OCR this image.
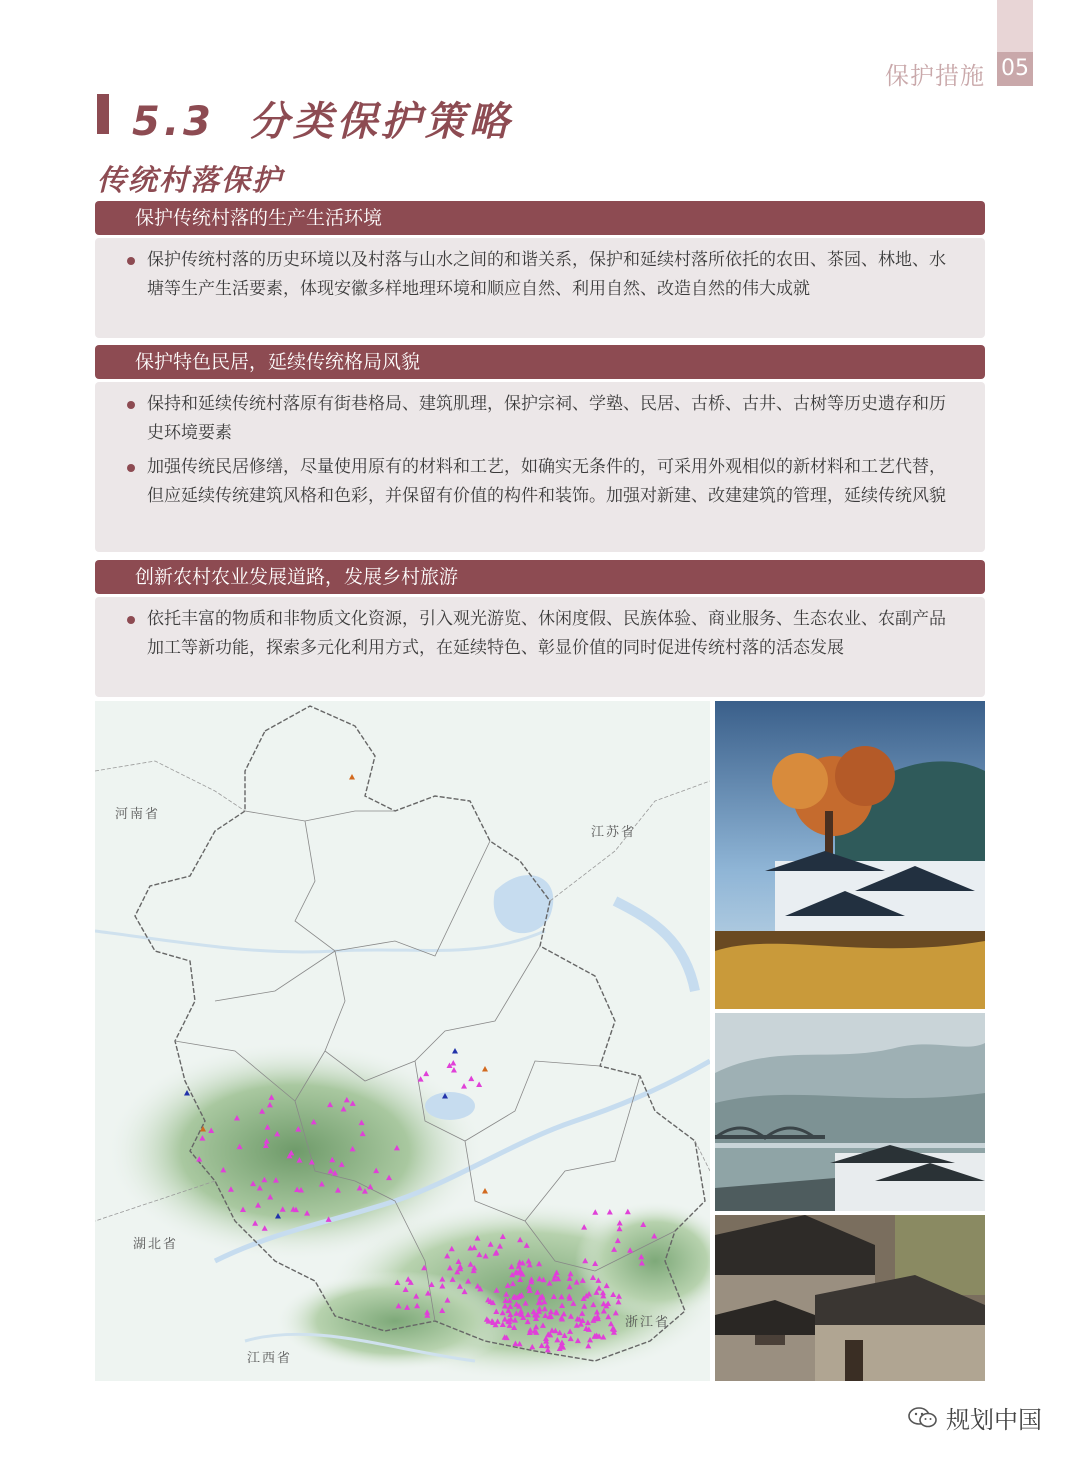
保护措施 05
5.3 分类保护策略
传统村落保护
保护传统村落的生产生活环境
保护传统村落的历史环境以及村落与山水之间的和谐关系，保护和延续村落所依托的农田、茶园、林地、水塘等生产生活要素，体现安徽多样地理环境和顺应自然、利用自然、改造自然的伟大成就
保护特色民居，延续传统格局风貌
保持和延续传统村落原有街巷格局、建筑肌理，保护宗祠、学塾、民居、古桥、古井、古树等历史遗存和历史环境要素
加强传统民居修缮，尽量使用原有的材料和工艺，如确实无条件的，可采用外观相似的新材料和工艺代替，但应延续传统建筑风格和色彩，并保留有价值的构件和装饰。加强对新建、改建建筑的管理，延续传统风貌
创新农村农业发展道路，发展乡村旅游
依托丰富的物质和非物质文化资源，引入观光游览、休闲度假、民族体验、商业服务、生态农业、农副产品加工等新功能，探索多元化利用方式，在延续特色、彰显价值的同时促进传统村落的活态发展
河南省
江苏省
湖北省
江西省
浙江省
规划中国
